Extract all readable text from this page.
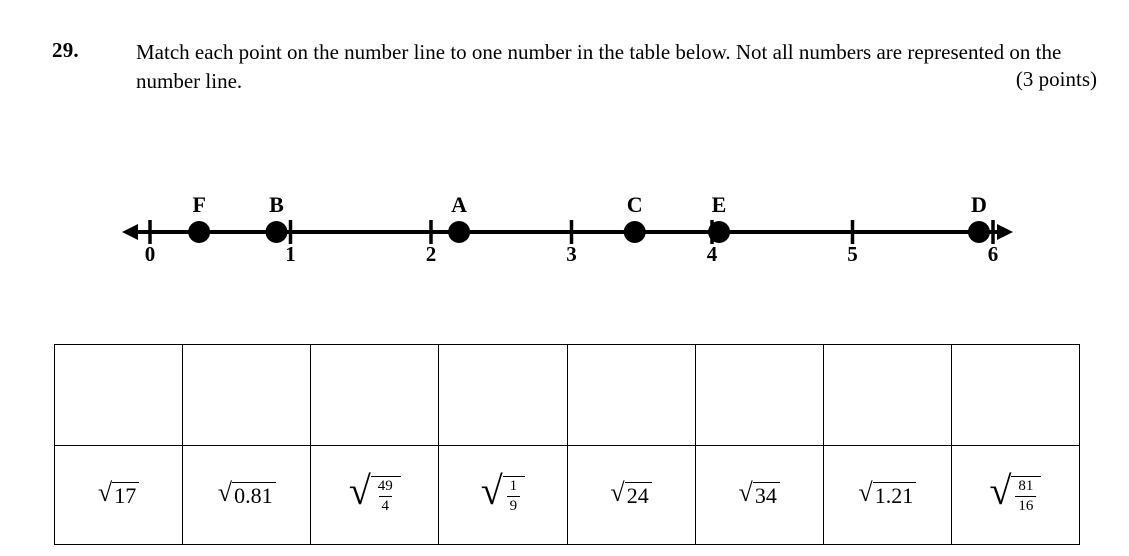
29.	Match each point on the number line to one number in the table below. Not all numbers are represented on the number line.	(3 points)
0	1	2	3	4	5	6
F	B	A	C	E	D

√ 17	√ 0.81	√ $\frac{49}{4}$	√ $\frac{1}{9}$	√ 24	√ 34	√ 1.21	√ $\frac{81}{16}$
